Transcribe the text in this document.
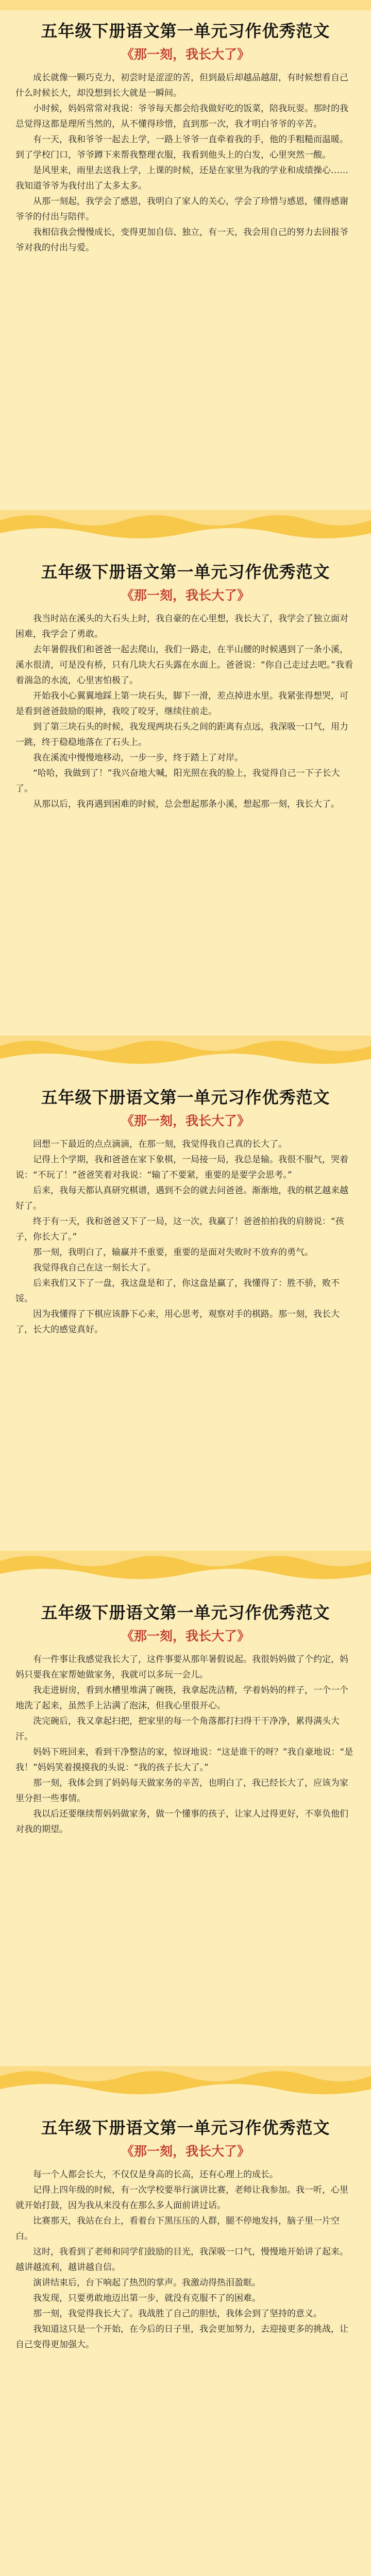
五年级下册语文第一单元习作优秀范文
《那一刻，我长大了》

成长就像一颗巧克力，初尝时是涩涩的苦，但到最后却越品越甜，有时候想看自己什么时候长大，却没想到长大就是一瞬间。

小时候，妈妈常常对我说：爷爷每天都会给我做好吃的饭菜，陪我玩耍。那时的我总觉得这都是理所当然的，从不懂得珍惜，直到那一次，我才明白爷爷的辛苦。

有一天，我和爷爷一起去上学，一路上爷爷一直牵着我的手，他的手粗糙而温暖。到了学校门口，爷爷蹲下来帮我整理衣服，我看到他头上的白发，心里突然一酸。

是风里来，雨里去送我上学，上课的时候，还是在家里为我的学业和成绩操心……我知道爷爷为我付出了太多太多。

从那一刻起，我学会了感恩，我明白了家人的关心，学会了珍惜与感恩，懂得感谢爷爷的付出与陪伴。

我相信我会慢慢成长，变得更加自信、独立，有一天，我会用自己的努力去回报爷爷对我的付出与爱。

五年级下册语文第一单元习作优秀范文
《那一刻，我长大了》

我当时站在溪头的大石头上时，我自豪的在心里想，我长大了，我学会了独立面对困难，我学会了勇敢。

去年暑假我们和爸爸一起去爬山，我们一路走，在半山腰的时候遇到了一条小溪，溪水很清，可是没有桥，只有几块大石头露在水面上。爸爸说：“你自己走过去吧。”我看着湍急的水流，心里害怕极了。

开始我小心翼翼地踩上第一块石头，脚下一滑，差点掉进水里。我紧张得想哭，可是看到爸爸鼓励的眼神，我咬了咬牙，继续往前走。

到了第三块石头的时候，我发现两块石头之间的距离有点远，我深吸一口气，用力一跳，终于稳稳地落在了石头上。

我在溪流中慢慢地移动，一步一步，终于踏上了对岸。

“哈哈，我做到了！”我兴奋地大喊，阳光照在我的脸上，我觉得自己一下子长大了。

从那以后，我再遇到困难的时候，总会想起那条小溪，想起那一刻，我长大了。

五年级下册语文第一单元习作优秀范文
《那一刻，我长大了》

回想一下最近的点点滴滴，在那一刻，我觉得我自己真的长大了。

记得上个学期，我和爸爸在家下象棋，一局接一局，我总是输。我很不服气，哭着说：“不玩了！”爸爸笑着对我说：“输了不要紧，重要的是要学会思考。”

后来，我每天都认真研究棋谱，遇到不会的就去问爸爸。渐渐地，我的棋艺越来越好了。

终于有一天，我和爸爸又下了一局，这一次，我赢了！爸爸拍拍我的肩膀说：“孩子，你长大了。”

那一刻，我明白了，输赢并不重要，重要的是面对失败时不放弃的勇气。

我觉得我自己在这一刻长大了。

后来我们又下了一盘，我这盘是和了，你这盘是赢了，我懂得了：胜不骄，败不馁。

因为我懂得了下棋应该静下心来，用心思考，观察对手的棋路。那一刻，我长大了，长大的感觉真好。

五年级下册语文第一单元习作优秀范文
《那一刻，我长大了》

有一件事让我感觉我长大了，这件事要从那年暑假说起。我很妈妈做了个约定，妈妈只要我在家帮她做家务，我就可以多玩一会儿。

我走进厨房，看到水槽里堆满了碗筷，我拿起洗洁精，学着妈妈的样子，一个一个地洗了起来，虽然手上沾满了泡沫，但我心里很开心。

洗完碗后，我又拿起扫把，把家里的每一个角落都打扫得干干净净，累得满头大汗。

妈妈下班回来，看到干净整洁的家，惊讶地说：“这是谁干的呀？”我自豪地说：“是我！”妈妈笑着摸摸我的头说：“我的孩子长大了。”

那一刻，我体会到了妈妈每天做家务的辛苦，也明白了，我已经长大了，应该为家里分担一些事情。

我以后还要继续帮妈妈做家务，做一个懂事的孩子，让家人过得更好，不辜负他们对我的期望。

五年级下册语文第一单元习作优秀范文
《那一刻，我长大了》

每一个人都会长大，不仅仅是身高的长高，还有心理上的成长。

记得上四年级的时候，有一次学校要举行演讲比赛，老师让我参加。我一听，心里就开始打鼓，因为我从来没有在那么多人面前讲过话。

比赛那天，我站在台上，看着台下黑压压的人群，腿不停地发抖，脑子里一片空白。

这时，我看到了老师和同学们鼓励的目光，我深吸一口气，慢慢地开始讲了起来。越讲越流利，越讲越自信。

演讲结束后，台下响起了热烈的掌声。我激动得热泪盈眶。

我发现，只要勇敢地迈出第一步，就没有克服不了的困难。

那一刻，我觉得我长大了。我战胜了自己的胆怯，我体会到了坚持的意义。

我知道这只是一个开始，在今后的日子里，我会更加努力，去迎接更多的挑战，让自己变得更加强大。
